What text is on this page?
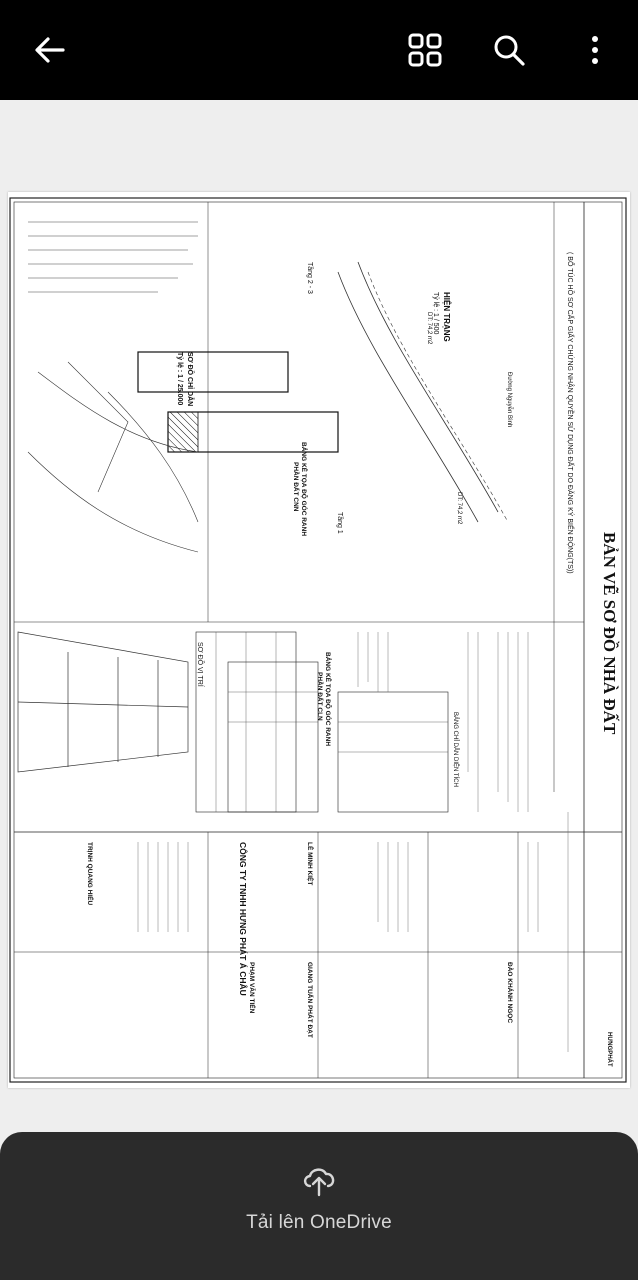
BẢN VẼ SƠ ĐỒ NHÀ ĐẤT
( BỔ TÚC HỒ SƠ CẤP GIẤY CHỨNG NHẬN QUYỀN SỬ DỤNG ĐẤT DO ĐĂNG KÝ BIẾN ĐỘNG(TS))
HIỆN TRẠNG
Tỷ lệ : 1 / 500
Tầng 1
Tầng 2 - 3
DT: 74,2 m2
DT: 74,2 m2
SƠ ĐỒ CHỈ DẪN
Tỷ lệ : 1 / 25.000
SƠ ĐỒ VỊ TRÍ
BẢNG KÊ TỌA ĐỘ GÓC RANH
PHẦN ĐẤT CNN
BẢNG KÊ TỌA ĐỘ GÓC RANH
PHẦN ĐẤT CLN
BẢNG CHỈ DẪN DIỆN TÍCH
Đường Nguyễn Bình
CÔNG TY TNHH HƯNG PHÁT Á CHÂU	LÊ MINH KIỆT
GIANG TUẤN PHÁT ĐẠT
PHẠM VĂN TIẾN	ĐÀO KHÁNH NGỌC
TRỊNH QUANG HIẾU
HƯNGPHÁT
Tải lên OneDrive
